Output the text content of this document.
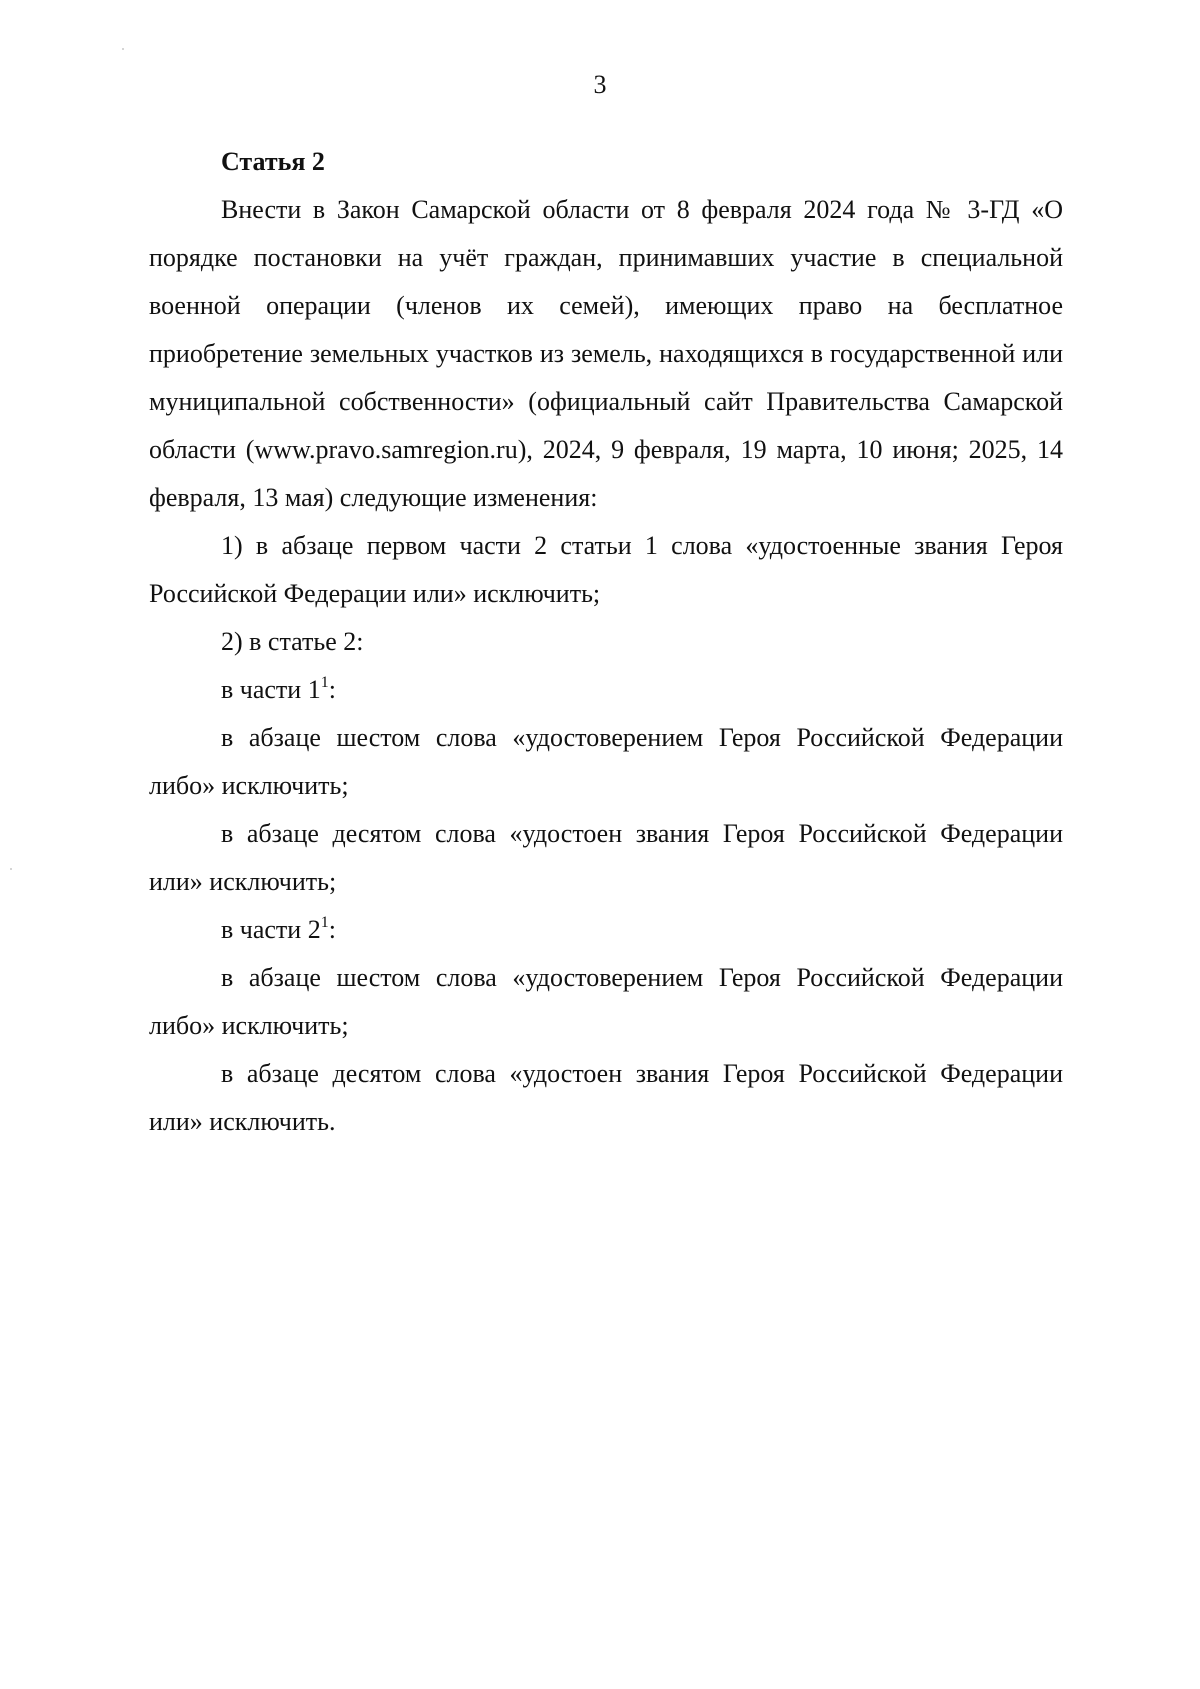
3

Статья 2

Внести в Закон Самарской области от 8 февраля 2024 года № 3-ГД «О порядке постановки на учёт граждан, принимавших участие в специальной военной операции (членов их семей), имеющих право на бесплатное приобретение земельных участков из земель, находящихся в государственной или муниципальной собственности» (официальный сайт Правительства Самарской области (www.pravo.samregion.ru), 2024, 9 февраля, 19 марта, 10 июня; 2025, 14 февраля, 13 мая) следующие изменения:

1) в абзаце первом части 2 статьи 1 слова «удостоенные звания Героя Российской Федерации или» исключить;

2) в статье 2:

в части $1^1$:

в абзаце шестом слова «удостоверением Героя Российской Федерации либо» исключить;

в абзаце десятом слова «удостоен звания Героя Российской Федерации или» исключить;

в части $2^1$:

в абзаце шестом слова «удостоверением Героя Российской Федерации либо» исключить;

в абзаце десятом слова «удостоен звания Героя Российской Федерации или» исключить.
